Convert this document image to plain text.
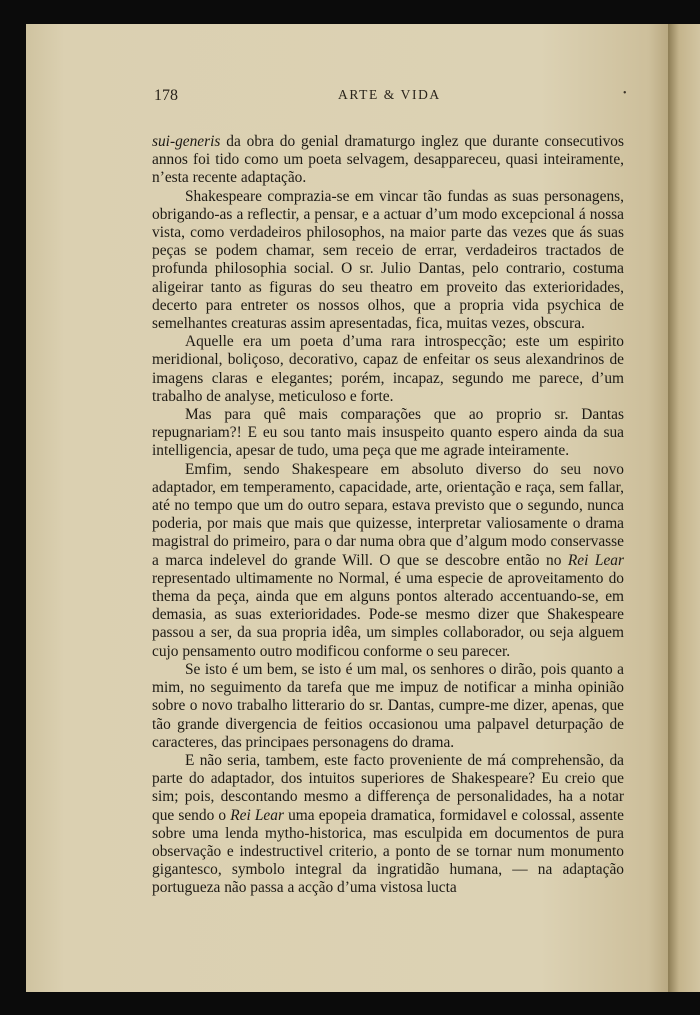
178	ARTE & VIDA	•

sui-generis da obra do genial dramaturgo inglez que durante consecutivos annos foi tido como um poeta selvagem, desappareceu, quasi inteiramente, n’esta recente adaptação.

Shakespeare comprazia-se em vincar tão fundas as suas personagens, obrigando-as a reflectir, a pensar, e a actuar d’um modo excepcional á nossa vista, como verdadeiros philosophos, na maior parte das vezes que ás suas peças se podem chamar, sem receio de errar, verdadeiros tractados de profunda philosophia social. O sr. Julio Dantas, pelo contrario, costuma aligeirar tanto as figuras do seu theatro em proveito das exterioridades, decerto para entreter os nossos olhos, que a propria vida psychica de semelhantes creaturas assim apresentadas, fica, muitas vezes, obscura.

Aquelle era um poeta d’uma rara introspecção; este um espirito meridional, boliçoso, decorativo, capaz de enfeitar os seus alexandrinos de imagens claras e elegantes; porém, incapaz, segundo me parece, d’um trabalho de analyse, meticuloso e forte.

Mas para quê mais comparações que ao proprio sr. Dantas repugnariam?! E eu sou tanto mais insuspeito quanto espero ainda da sua intelligencia, apesar de tudo, uma peça que me agrade inteiramente.

Emfim, sendo Shakespeare em absoluto diverso do seu novo adaptador, em temperamento, capacidade, arte, orientação e raça, sem fallar, até no tempo que um do outro separa, estava previsto que o segundo, nunca poderia, por mais que mais que quizesse, interpretar valiosamente o drama magistral do primeiro, para o dar numa obra que d’algum modo conservasse a marca indelevel do grande Will. O que se descobre então no Rei Lear representado ultimamente no Normal, é uma especie de aproveitamento do thema da peça, ainda que em alguns pontos alterado accentuando-se, em demasia, as suas exterioridades. Pode-se mesmo dizer que Shakespeare passou a ser, da sua propria idêa, um simples collaborador, ou seja alguem cujo pensamento outro modificou conforme o seu parecer.

Se isto é um bem, se isto é um mal, os senhores o dirão, pois quanto a mim, no seguimento da tarefa que me impuz de notificar a minha opinião sobre o novo trabalho litterario do sr. Dantas, cumpre-me dizer, apenas, que tão grande divergencia de feitios occasionou uma palpavel deturpação de caracteres, das principaes personagens do drama.

E não seria, tambem, este facto proveniente de má comprehensão, da parte do adaptador, dos intuitos superiores de Shakespeare? Eu creio que sim; pois, descontando mesmo a differença de personalidades, ha a notar que sendo o Rei Lear uma epopeia dramatica, formidavel e colossal, assente sobre uma lenda mytho-historica, mas esculpida em documentos de pura observação e indestructivel criterio, a ponto de se tornar num monumento gigantesco, symbolo integral da ingratidão humana, — na adaptação portugueza não passa a acção d’uma vistosa lucta
